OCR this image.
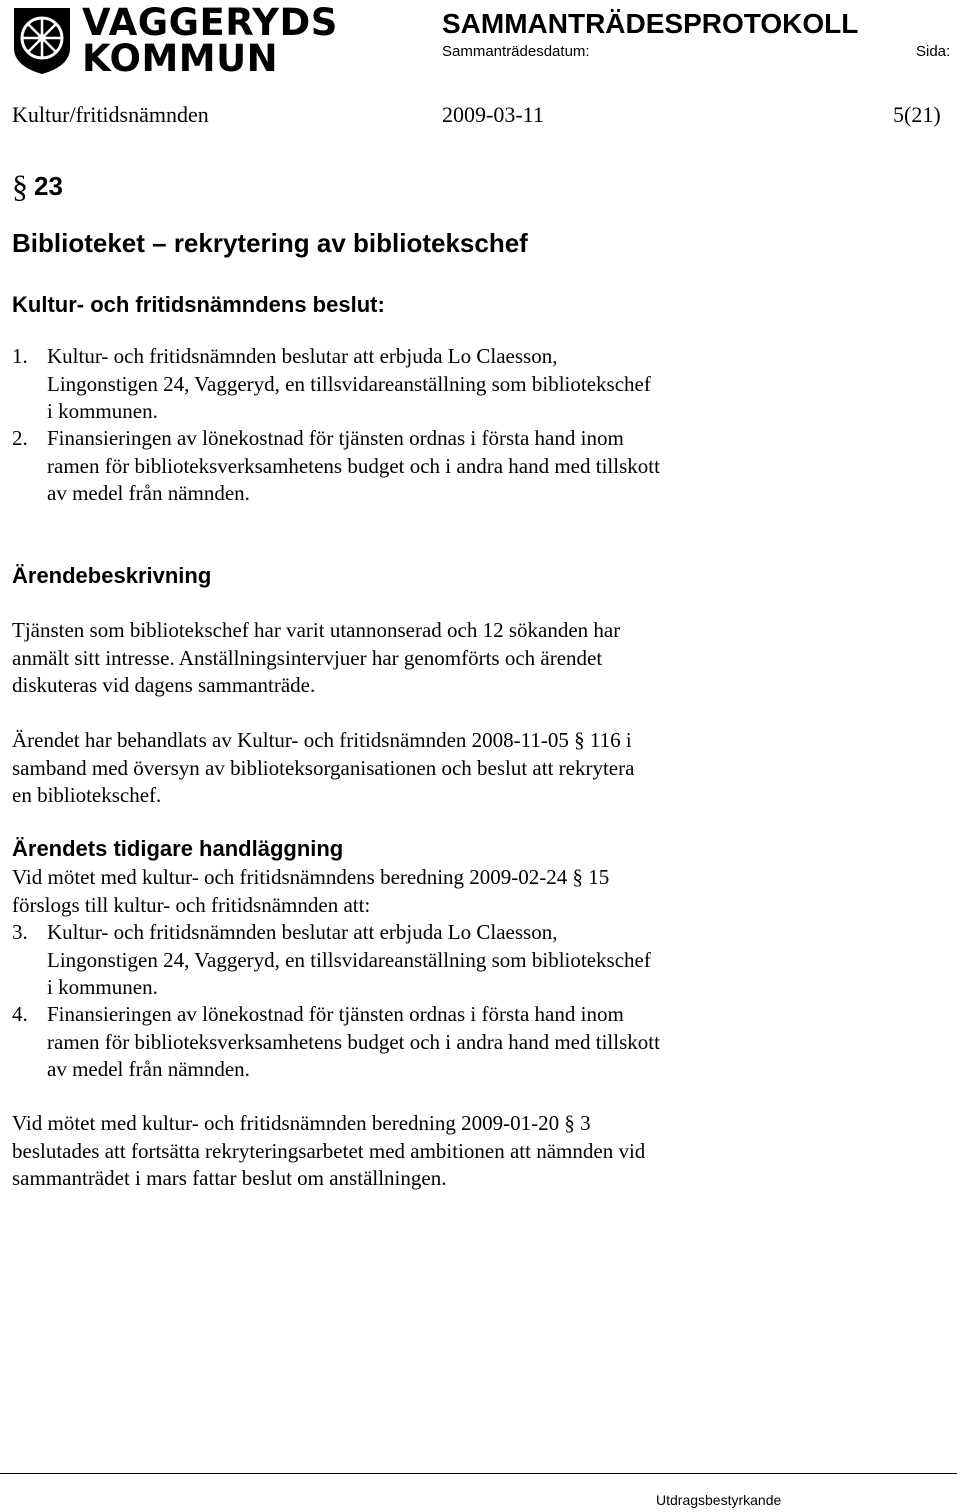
VAGGERYDS
KOMMUN
SAMMANTRÄDESPROTOKOLL
Sammanträdesdatum:	Sida:
Kultur/fritidsnämnden	2009-03-11	5(21)
§ 23
Biblioteket – rekrytering av bibliotekschef
Kultur- och fritidsnämndens beslut:
1. Kultur- och fritidsnämnden beslutar att erbjuda Lo Claesson,
Lingonstigen 24, Vaggeryd, en tillsvidareanställning som bibliotekschef
i kommunen.
2. Finansieringen av lönekostnad för tjänsten ordnas i första hand inom
ramen för biblioteksverksamhetens budget och i andra hand med tillskott
av medel från nämnden.
Ärendebeskrivning
Tjänsten som bibliotekschef har varit utannonserad och 12 sökanden har
anmält sitt intresse. Anställningsintervjuer har genomförts och ärendet
diskuteras vid dagens sammanträde.
Ärendet har behandlats av Kultur- och fritidsnämnden 2008-11-05 § 116 i
samband med översyn av biblioteksorganisationen och beslut att rekrytera
en bibliotekschef.
Ärendets tidigare handläggning
Vid mötet med kultur- och fritidsnämndens beredning 2009-02-24 § 15
förslogs till kultur- och fritidsnämnden att:
3. Kultur- och fritidsnämnden beslutar att erbjuda Lo Claesson,
Lingonstigen 24, Vaggeryd, en tillsvidareanställning som bibliotekschef
i kommunen.
4. Finansieringen av lönekostnad för tjänsten ordnas i första hand inom
ramen för biblioteksverksamhetens budget och i andra hand med tillskott
av medel från nämnden.
Vid mötet med kultur- och fritidsnämnden beredning 2009-01-20 § 3
beslutades att fortsätta rekryteringsarbetet med ambitionen att nämnden vid
sammanträdet i mars fattar beslut om anställningen.
Utdragsbestyrkande
